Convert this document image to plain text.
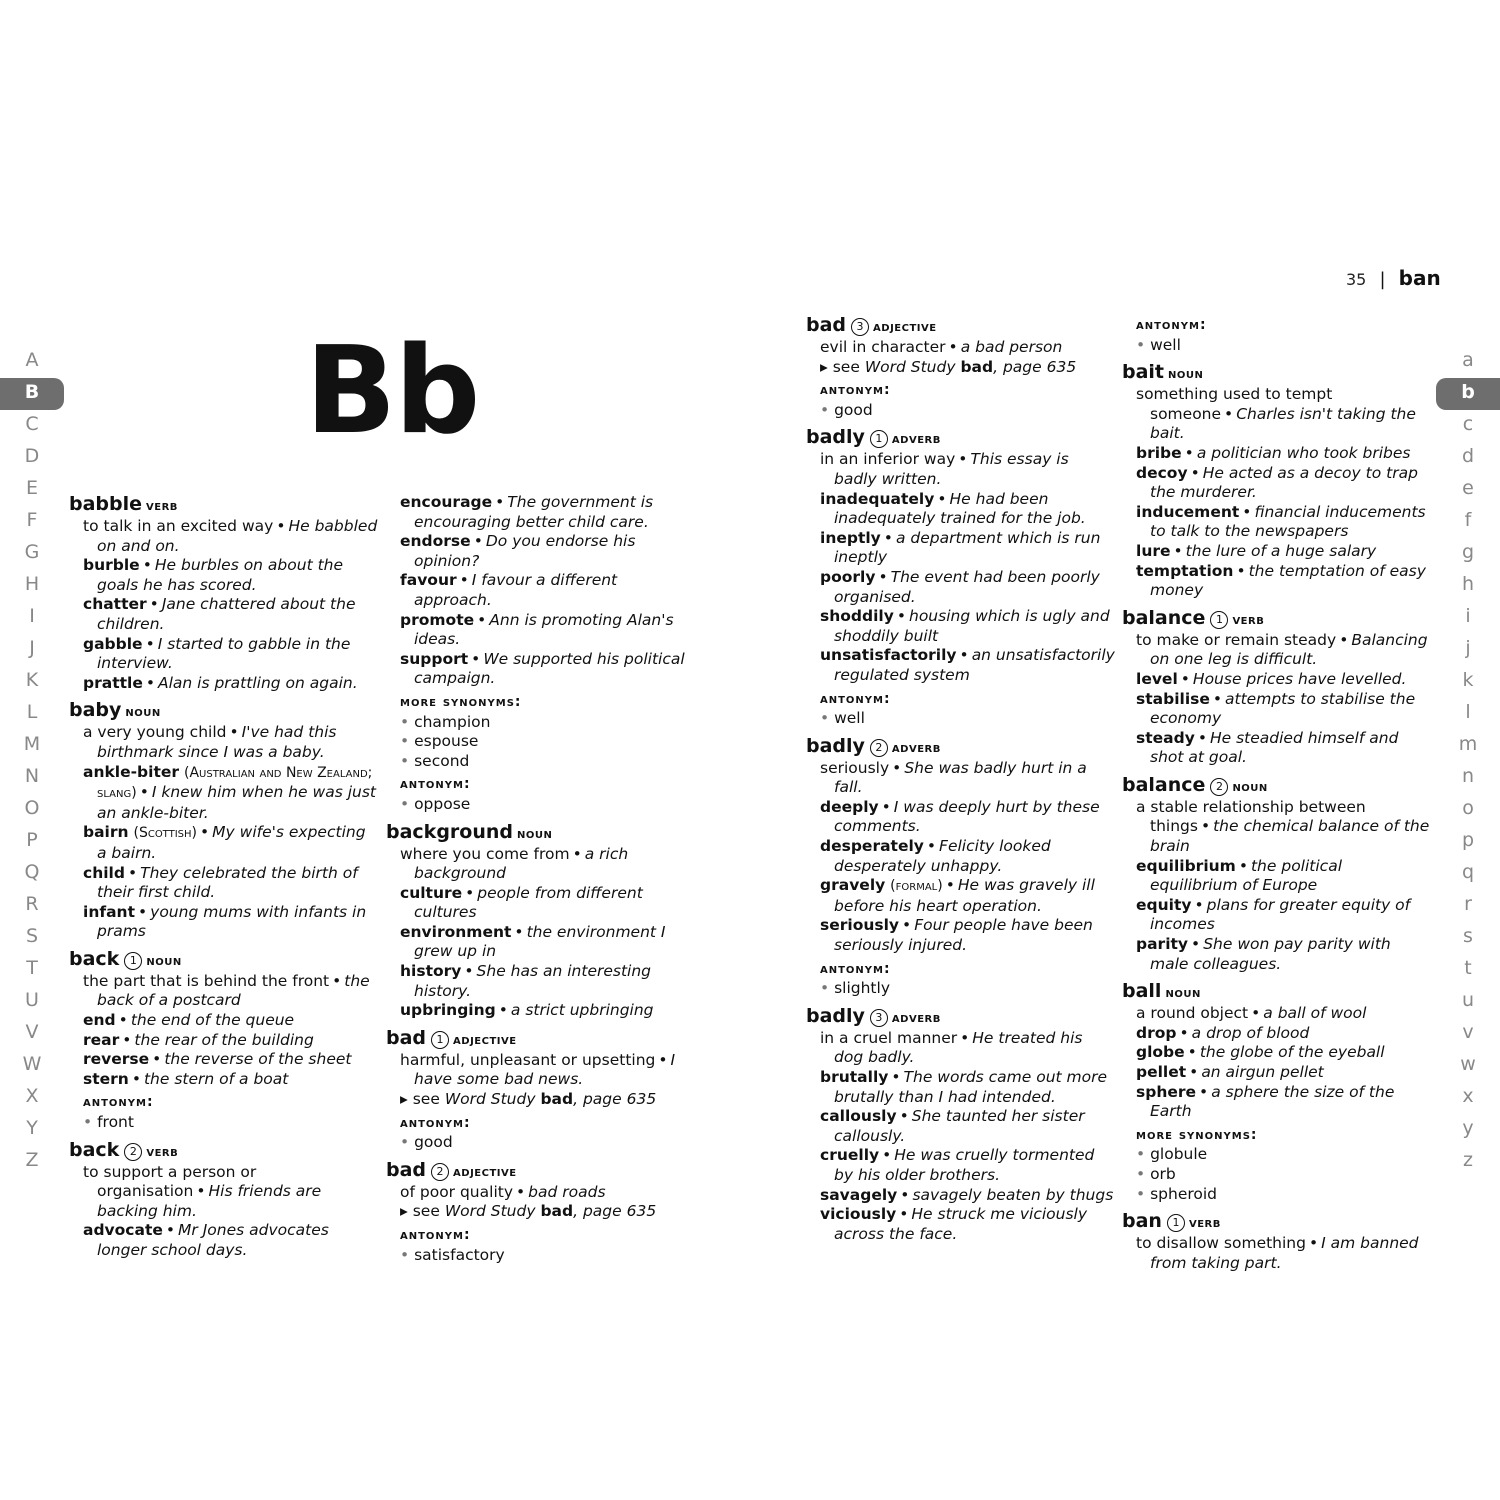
35 | ban
Bb
A
B
C
D
E
F
G
H
I
J
K
L
M
N
O
P
Q
R
S
T
U
V
W
X
Y
Z
a
b
c
d
e
f
g
h
i
j
k
l
m
n
o
p
q
r
s
t
u
v
w
x
y
z
babble verb
to talk in an excited way • He babbled on and on.
burble • He burbles on about the goals he has scored.
chatter • Jane chattered about the children.
gabble • I started to gabble in the interview.
prattle • Alan is prattling on again.
baby noun
a very young child • I've had this birthmark since I was a baby.
ankle-biter (Australian and New Zealand; slang) • I knew him when he was just an ankle-biter.
bairn (Scottish) • My wife's expecting a bairn.
child • They celebrated the birth of their first child.
infant • young mums with infants in prams
back 1 noun
the part that is behind the front • the back of a postcard
end • the end of the queue
rear • the rear of the building
reverse • the reverse of the sheet
stern • the stern of a boat
antonym:
• front
back 2 verb
to support a person or organisation • His friends are backing him.
advocate • Mr Jones advocates longer school days.
encourage • The government is encouraging better child care.
endorse • Do you endorse his opinion?
favour • I favour a different approach.
promote • Ann is promoting Alan's ideas.
support • We supported his political campaign.
more synonyms:
• champion
• espouse
• second
antonym:
• oppose
background noun
where you come from • a rich background
culture • people from different cultures
environment • the environment I grew up in
history • She has an interesting history.
upbringing • a strict upbringing
bad 1 adjective
harmful, unpleasant or upsetting • I have some bad news.
▸ see Word Study bad, page 635
antonym:
• good
bad 2 adjective
of poor quality • bad roads
▸ see Word Study bad, page 635
antonym:
• satisfactory
bad 3 adjective
evil in character • a bad person
▸ see Word Study bad, page 635
antonym:
• good
badly 1 adverb
in an inferior way • This essay is badly written.
inadequately • He had been inadequately trained for the job.
ineptly • a department which is run ineptly
poorly • The event had been poorly organised.
shoddily • housing which is ugly and shoddily built
unsatisfactorily • an unsatisfactorily regulated system
antonym:
• well
badly 2 adverb
seriously • She was badly hurt in a fall.
deeply • I was deeply hurt by these comments.
desperately • Felicity looked desperately unhappy.
gravely (formal) • He was gravely ill before his heart operation.
seriously • Four people have been seriously injured.
antonym:
• slightly
badly 3 adverb
in a cruel manner • He treated his dog badly.
brutally • The words came out more brutally than I had intended.
callously • She taunted her sister callously.
cruelly • He was cruelly tormented by his older brothers.
savagely • savagely beaten by thugs
viciously • He struck me viciously across the face.
antonym:
• well
bait noun
something used to tempt someone • Charles isn't taking the bait.
bribe • a politician who took bribes
decoy • He acted as a decoy to trap the murderer.
inducement • financial inducements to talk to the newspapers
lure • the lure of a huge salary
temptation • the temptation of easy money
balance 1 verb
to make or remain steady • Balancing on one leg is difficult.
level • House prices have levelled.
stabilise • attempts to stabilise the economy
steady • He steadied himself and shot at goal.
balance 2 noun
a stable relationship between things • the chemical balance of the brain
equilibrium • the political equilibrium of Europe
equity • plans for greater equity of incomes
parity • She won pay parity with male colleagues.
ball noun
a round object • a ball of wool
drop • a drop of blood
globe • the globe of the eyeball
pellet • an airgun pellet
sphere • a sphere the size of the Earth
more synonyms:
• globule
• orb
• spheroid
ban 1 verb
to disallow something • I am banned from taking part.
